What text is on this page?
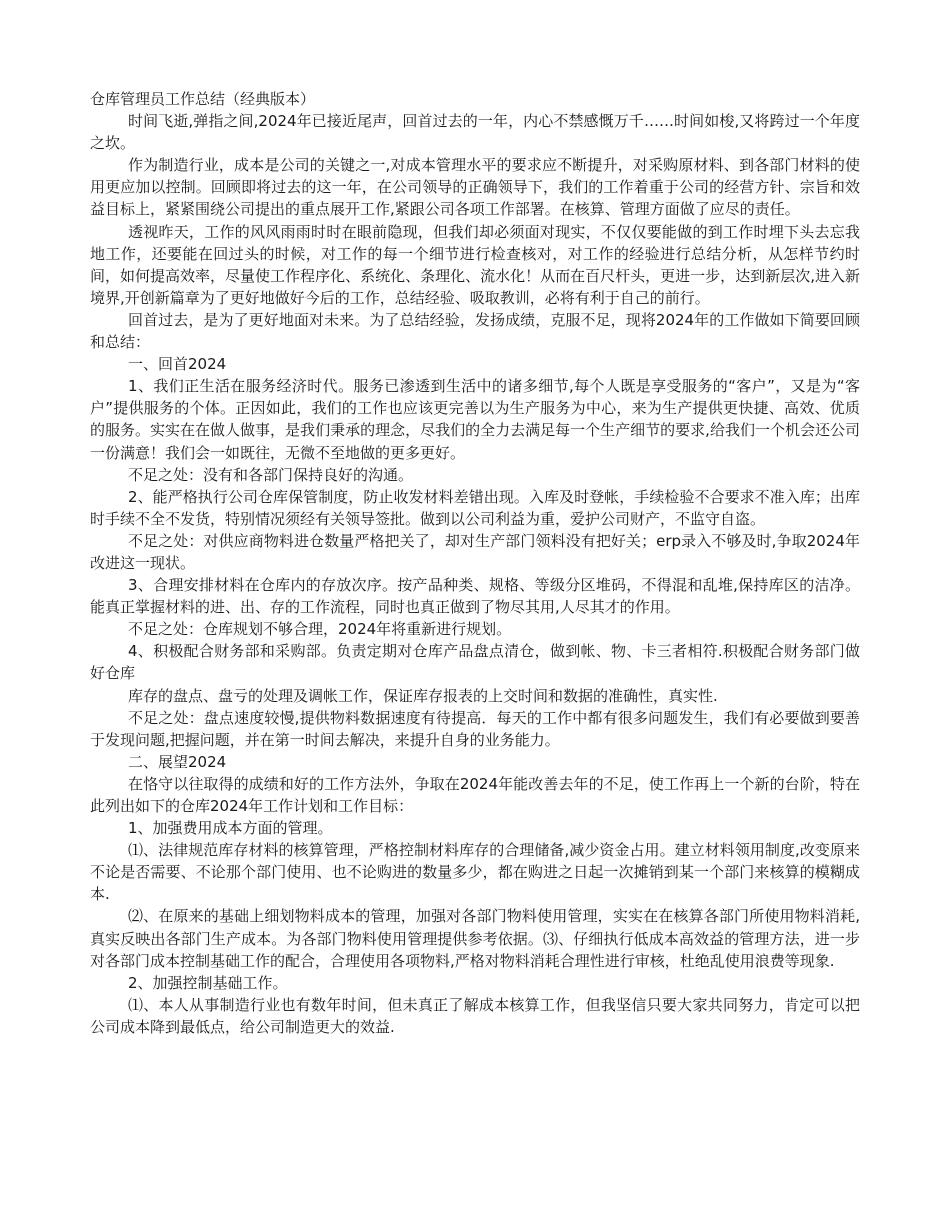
仓库管理员工作总结（经典版本）

时间飞逝,弹指之间,2024年已接近尾声，回首过去的一年，内心不禁感慨万千……时间如梭,又将跨过一个年度之坎。

作为制造行业，成本是公司的关键之一,对成本管理水平的要求应不断提升，对采购原材料、到各部门材料的使用更应加以控制。回顾即将过去的这一年，在公司领导的正确领导下，我们的工作着重于公司的经营方针、宗旨和效益目标上，紧紧围绕公司提出的重点展开工作,紧跟公司各项工作部署。在核算、管理方面做了应尽的责任。

透视昨天，工作的风风雨雨时时在眼前隐现，但我们却必须面对现实，不仅仅要能做的到工作时埋下头去忘我地工作，还要能在回过头的时候，对工作的每一个细节进行检查核对，对工作的经验进行总结分析，从怎样节约时间，如何提高效率，尽量使工作程序化、系统化、条理化、流水化！从而在百尺杆头，更进一步，达到新层次,进入新境界,开创新篇章为了更好地做好今后的工作，总结经验、吸取教训，必将有利于自己的前行。

回首过去，是为了更好地面对未来。为了总结经验，发扬成绩，克服不足，现将2024年的工作做如下简要回顾和总结：

一、回首2024

1、我们正生活在服务经济时代。服务已渗透到生活中的诸多细节,每个人既是享受服务的“客户”，又是为“客户”提供服务的个体。正因如此，我们的工作也应该更完善以为生产服务为中心，来为生产提供更快捷、高效、优质的服务。实实在在做人做事，是我们秉承的理念，尽我们的全力去满足每一个生产细节的要求,给我们一个机会还公司一份满意！我们会一如既往，无微不至地做的更多更好。

不足之处：没有和各部门保持良好的沟通。

2、能严格执行公司仓库保管制度，防止收发材料差错出现。入库及时登帐，手续检验不合要求不准入库；出库时手续不全不发货，特别情况须经有关领导签批。做到以公司利益为重，爱护公司财产，不监守自盗。

不足之处：对供应商物料进仓数量严格把关了，却对生产部门领料没有把好关；erp录入不够及时,争取2024年改进这一现状。

3、合理安排材料在仓库内的存放次序。按产品种类、规格、等级分区堆码，不得混和乱堆,保持库区的洁净。能真正掌握材料的进、出、存的工作流程，同时也真正做到了物尽其用,人尽其才的作用。

不足之处：仓库规划不够合理，2024年将重新进行规划。

4、积极配合财务部和采购部。负责定期对仓库产品盘点清仓，做到帐、物、卡三者相符.积极配合财务部门做好仓库

库存的盘点、盘亏的处理及调帐工作，保证库存报表的上交时间和数据的准确性，真实性.

不足之处：盘点速度较慢,提供物料数据速度有待提高．每天的工作中都有很多问题发生，我们有必要做到要善于发现问题,把握问题，并在第一时间去解决，来提升自身的业务能力。

二、展望2024

在恪守以往取得的成绩和好的工作方法外，争取在2024年能改善去年的不足，使工作再上一个新的台阶，特在此列出如下的仓库2024年工作计划和工作目标：

1、加强费用成本方面的管理。

⑴、法律规范库存材料的核算管理，严格控制材料库存的合理储备,减少资金占用。建立材料领用制度,改变原来不论是否需要、不论那个部门使用、也不论购进的数量多少，都在购进之日起一次摊销到某一个部门来核算的模糊成本.

⑵、在原来的基础上细划物料成本的管理，加强对各部门物料使用管理，实实在在核算各部门所使用物料消耗,真实反映出各部门生产成本。为各部门物料使用管理提供参考依据。⑶、仔细执行低成本高效益的管理方法，进一步对各部门成本控制基础工作的配合，合理使用各项物料,严格对物料消耗合理性进行审核，杜绝乱使用浪费等现象.

2、加强控制基础工作。

⑴、本人从事制造行业也有数年时间，但未真正了解成本核算工作，但我坚信只要大家共同努力，肯定可以把公司成本降到最低点，给公司制造更大的效益.
